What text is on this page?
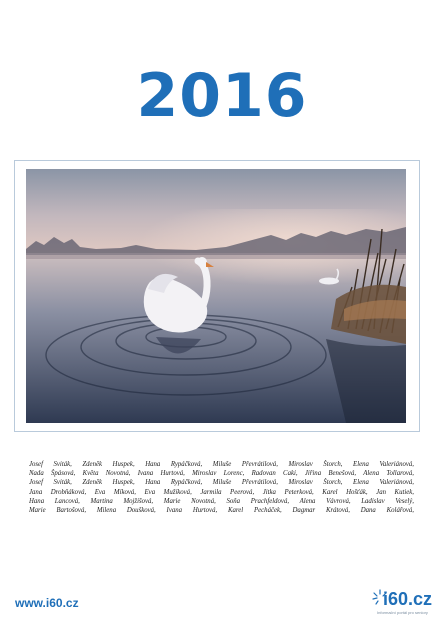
2016
Josef Sviták, Zdeněk Huspek, Hana Rypáčková, Miluše Převrátilová, Miroslav Štorch, Elena Valeriánová,
Nada Špásová, Květa Novotná, Ivana Hurtová, Miroslav Lorenc, Radovan Caki, Jiřina Benešová, Alena Tollarová,
Josef Sviták, Zdeněk Huspek, Hana Rypáčková, Miluše Převrátilová, Miroslav Štorch, Elena Valeriánová,
Jana Drobňáková, Eva Míková, Eva Mužíková, Jarmila Peerová, Jitka Peterková, Karel Hošťák, Jan Kutiek,
Hana Lancová, Martina Mojžíšová, Marie Novotná, Soňa Prachfeldová, Alena Vávrová, Ladislav Veselý,
Marie Bartošová, Milena Doušková, Ivana Hurtová, Karel Pecháček, Dagmar Krátová, Dana Kolářová,
www.i60.cz	i60.cz
Informační portál pro seniory
